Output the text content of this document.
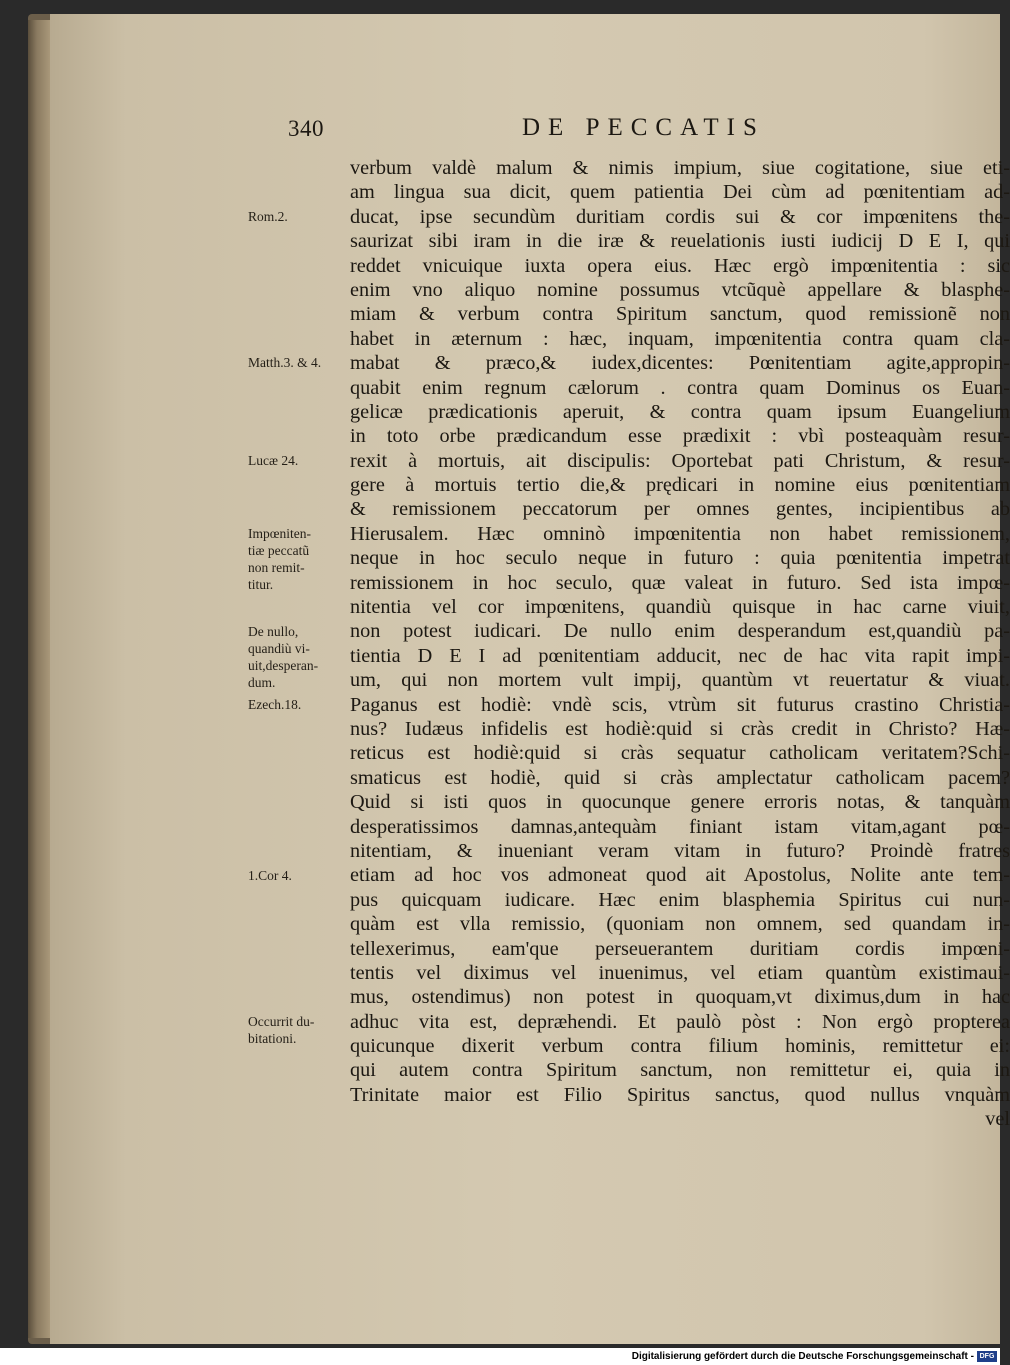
340	DE PECCATIS
verbum valdè malum & nimis impium, siue cogitatione, siue eti-
am lingua sua dicit, quem patientia Dei cùm ad pœnitentiam ad-
ducat, ipse secundùm duritiam cordis sui & cor impœnitens the-
saurizat sibi iram in die iræ & reuelationis iusti iudicij D E I, qui
reddet vnicuique iuxta opera eius. Hæc ergò impœnitentia : sic
enim vno aliquo nomine possumus vtcũquè appellare & blasphe-
miam & verbum contra Spiritum sanctum, quod remissionẽ non
habet in æternum : hæc, inquam, impœnitentia contra quam cla-
mabat & præco,& iudex,dicentes: Pœnitentiam agite,appropin-
quabit enim regnum cælorum . contra quam Dominus os Euan-
gelicæ prædicationis aperuit, & contra quam ipsum Euangelium
in toto orbe prædicandum esse prædixit : vbì posteaquàm resur-
rexit à mortuis, ait discipulis: Oportebat pati Christum, & resur-
gere à mortuis tertio die,& prędicari in nomine eius pœnitentiam
& remissionem peccatorum per omnes gentes, incipientibus ab
Hierusalem. Hæc omninò impœnitentia non habet remissionem,
neque in hoc seculo neque in futuro : quia pœnitentia impetrat
remissionem in hoc seculo, quæ valeat in futuro. Sed ista impœ-
nitentia vel cor impœnitens, quandiù quisque in hac carne viuit,
non potest iudicari. De nullo enim desperandum est,quandiù pa-
tientia D E I ad pœnitentiam adducit, nec de hac vita rapit impi-
um, qui non mortem vult impij, quantùm vt reuertatur & viuat.
Paganus est hodiè: vndè scis, vtrùm sit futurus crastino Christia-
nus? Iudæus infidelis est hodiè:quid si cràs credit in Christo? Hæ-
reticus est hodiè:quid si cràs sequatur catholicam veritatem?Schi-
smaticus est hodiè, quid si cràs amplectatur catholicam pacem?
Quid si isti quos in quocunque genere erroris notas, & tanquàm
desperatissimos damnas,antequàm finiant istam vitam,agant pœ-
nitentiam, & inueniant veram vitam in futuro? Proindè fratres
etiam ad hoc vos admoneat quod ait Apostolus, Nolite ante tem-
pus quicquam iudicare. Hæc enim blasphemia Spiritus cui nun-
quàm est vlla remissio, (quoniam non omnem, sed quandam in-
tellexerimus, eam'que perseuerantem duritiam cordis impœni-
tentis vel diximus vel inuenimus, vel etiam quantùm existimaui-
mus, ostendimus) non potest in quoquam,vt diximus,dum in hac
adhuc vita est, depræhendi. Et paulò pòst : Non ergò propterea
quicunque dixerit verbum contra filium hominis, remittetur ei:
qui autem contra Spiritum sanctum, non remittetur ei, quia in
Trinitate maior est Filio Spiritus sanctus, quod nullus vnquàm
vel
Rom.2.
Matth.3. & 4.
Lucæ 24.
Impœniten-
tiæ peccatũ
non remit-
titur.
De nullo,
quandiù vi-
uit,desperan-
dum.
Ezech.18.
1.Cor 4.
Occurrit du-
bitationi.
Digitalisierung gefördert durch die Deutsche Forschungsgemeinschaft - DFG
